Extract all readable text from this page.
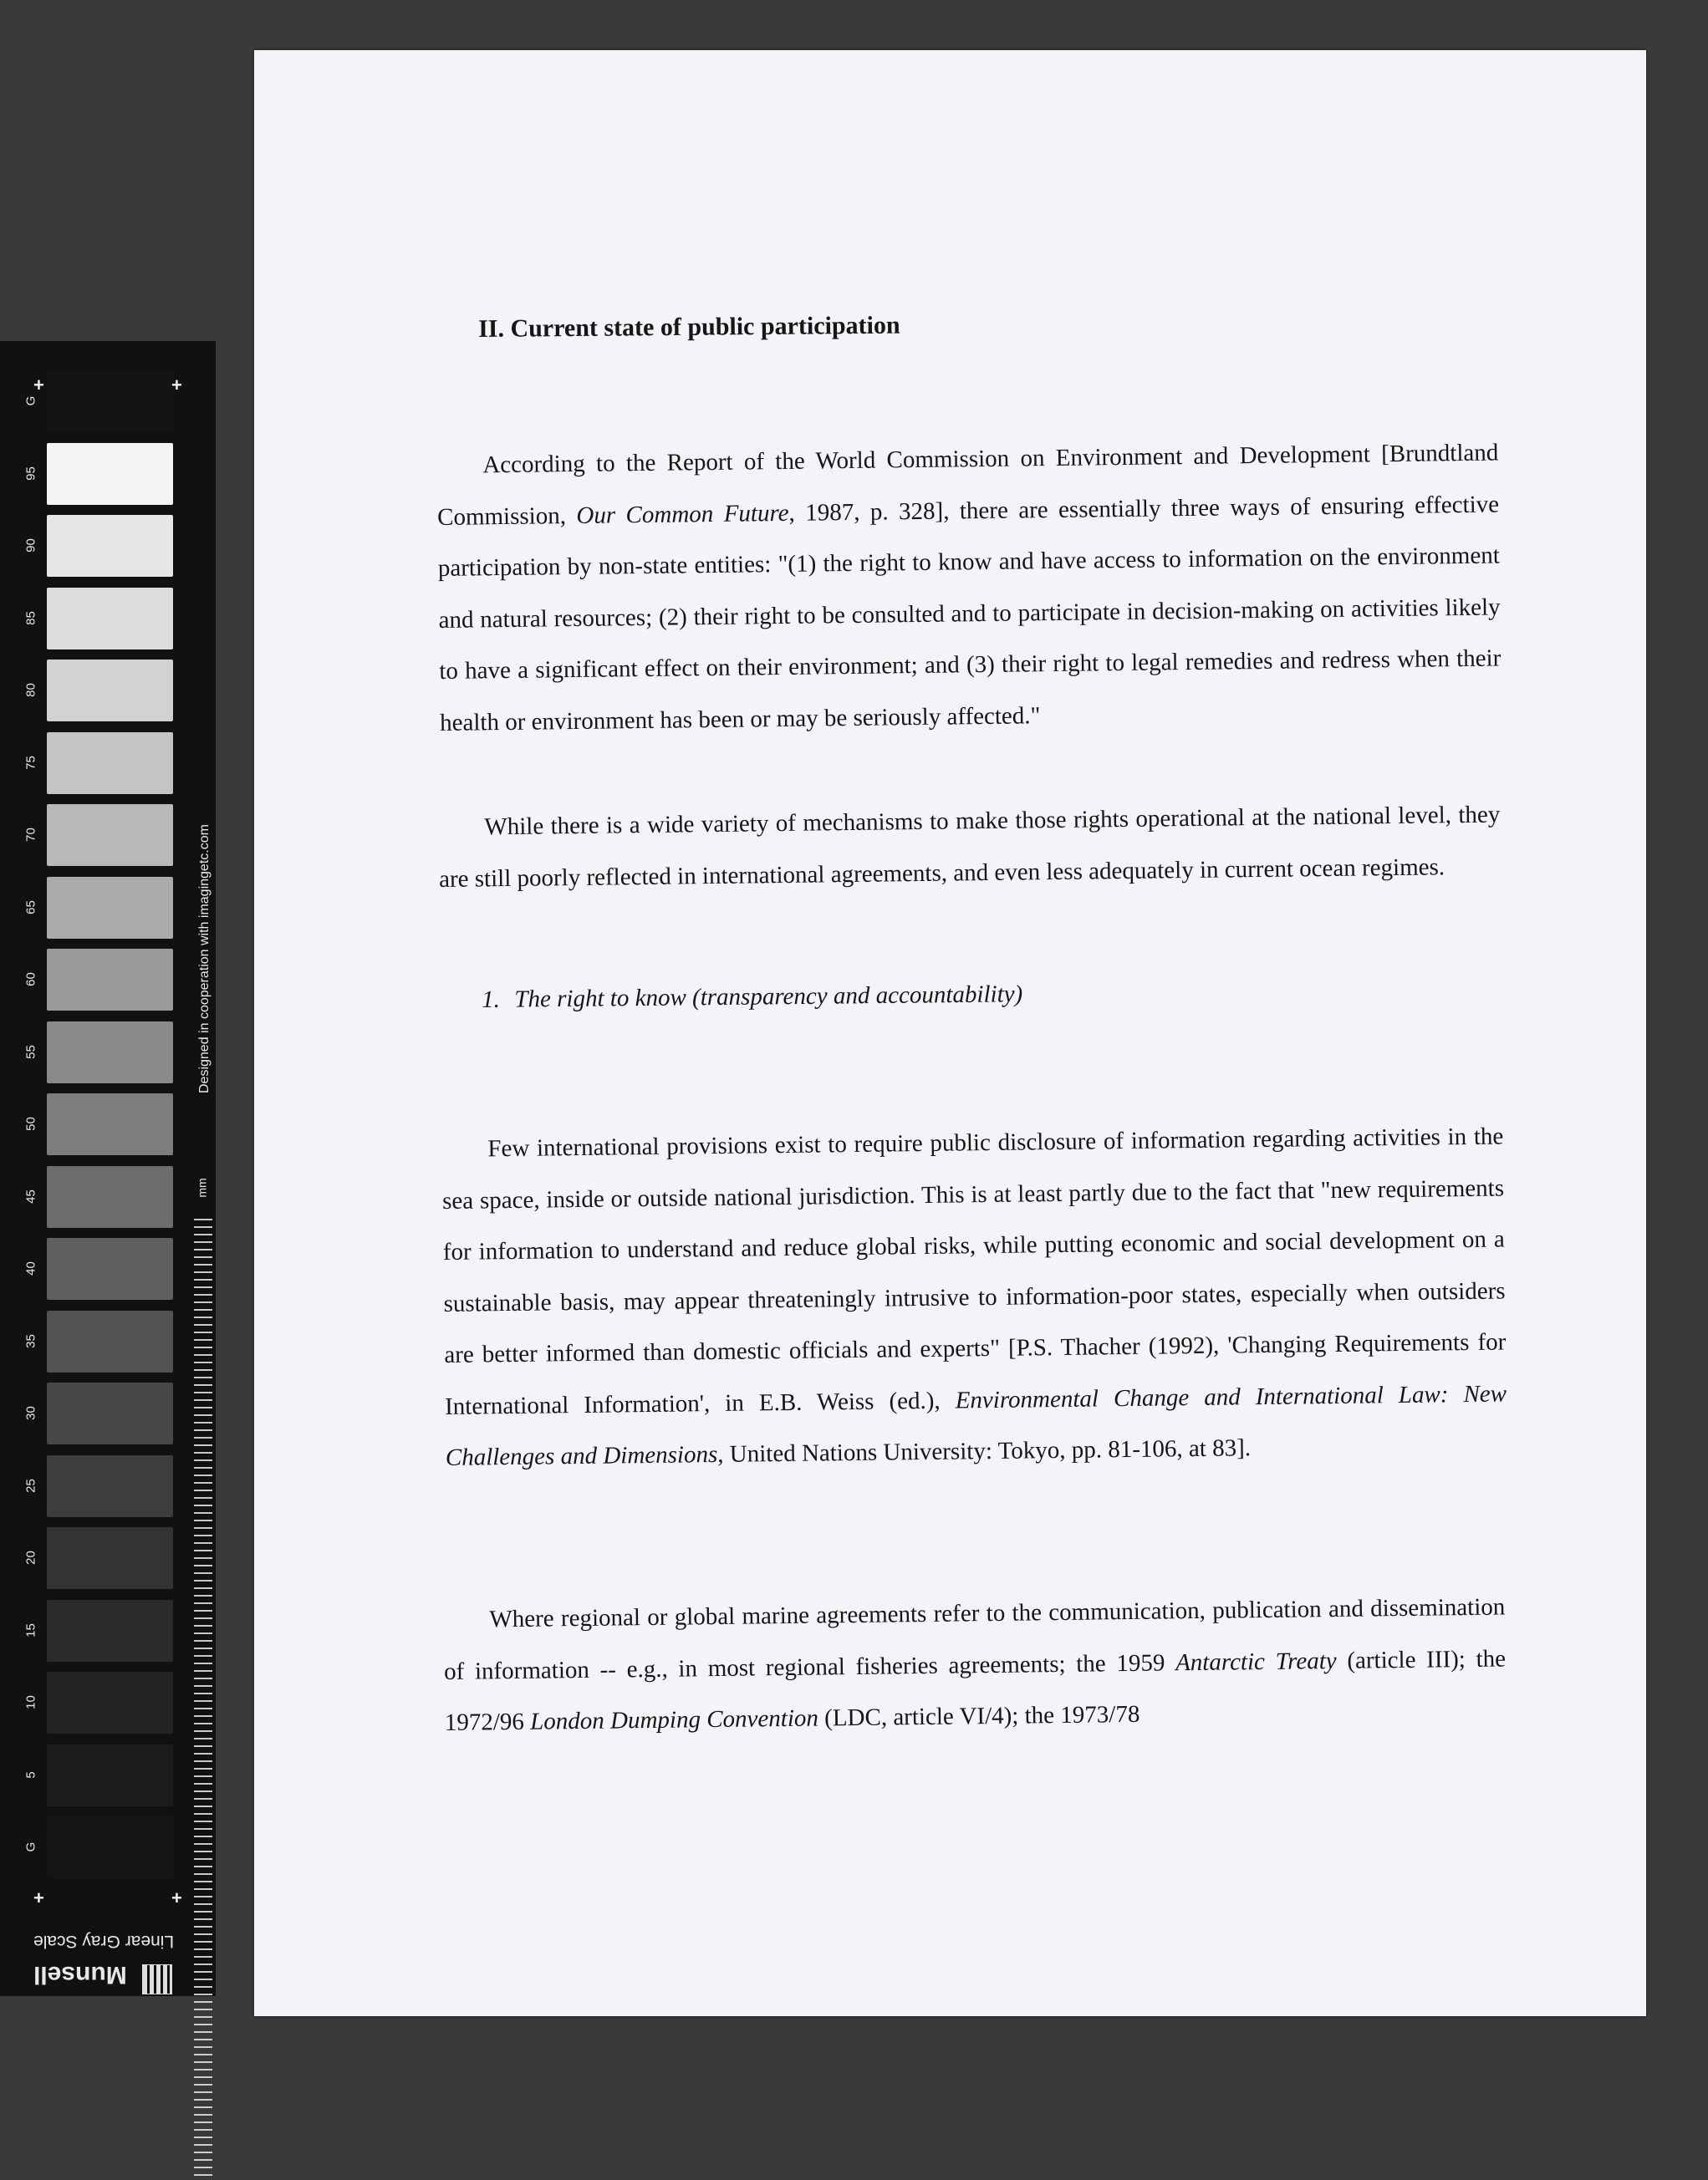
G
95
90
85
80
75
70
65
60
55
50
45
40
35
30
25
20
15
10
5
G
Designed in cooperation with imagingetc.com
mm
+	+
+	+
Linear Gray Scale
Munsell
II. Current state of public participation
According to the Report of the World Commission on Environment and Development [Brundtland Commission, Our Common Future, 1987, p. 328], there are essentially three ways of ensuring effective participation by non-state entities: "(1) the right to know and have access to information on the environment and natural resources; (2) their right to be consulted and to participate in decision-making on activities likely to have a significant effect on their environment; and (3) their right to legal remedies and redress when their health or environment has been or may be seriously affected."
While there is a wide variety of mechanisms to make those rights operational at the national level, they are still poorly reflected in international agreements, and even less adequately in current ocean regimes.
1. The right to know (transparency and accountability)
Few international provisions exist to require public disclosure of information regarding activities in the sea space, inside or outside national jurisdiction. This is at least partly due to the fact that "new requirements for information to understand and reduce global risks, while putting economic and social development on a sustainable basis, may appear threateningly intrusive to information-poor states, especially when outsiders are better informed than domestic officials and experts" [P.S. Thacher (1992), 'Changing Requirements for International Information', in E.B. Weiss (ed.), Environmental Change and International Law: New Challenges and Dimensions, United Nations University: Tokyo, pp. 81-106, at 83].
Where regional or global marine agreements refer to the communication, publication and dissemination of information -- e.g., in most regional fisheries agreements; the 1959 Antarctic Treaty (article III); the 1972/96 London Dumping Convention (LDC, article VI/4); the 1973/78
